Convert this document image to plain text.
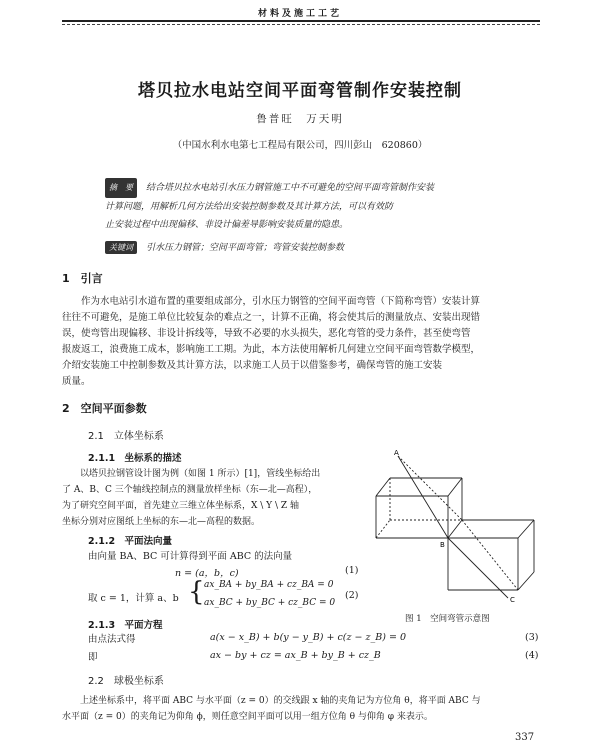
材料及施工工艺
塔贝拉水电站空间平面弯管制作安装控制
鲁普旺　万天明
（中国水利水电第七工程局有限公司，四川彭山　620860）
摘　要　 结合塔贝拉水电站引水压力钢管施工中不可避免的空间平面弯管制作安装
计算问题，用解析几何方法给出安装控制参数及其计算方法，可以有效防
止安装过程中出现偏移、非设计偏差导影响安装质量的隐患。
关键词　 引水压力钢管；空间平面弯管；弯管安装控制参数
1　引言
作为水电站引水道布置的重要组成部分，引水压力钢管的空间平面弯管（下简称弯管）安装计算
往往不可避免，是施工单位比较复杂的难点之一，计算不正确，将会使其后的测量放点、安装出现错
误，使弯管出现偏移、非设计拆线等，导致不必要的水头损失，恶化弯管的受力条件，甚至使弯管
报废返工，浪费施工成本，影响施工工期。为此，本方法使用解析几何建立空间平面弯管数学模型，
介绍安装施工中控制参数及其计算方法，以求施工人员于以借鉴参考，确保弯管的施工安装
质量。
2　空间平面参数
2.1　立体坐标系
2.1.1　坐标系的描述
以塔贝拉钢管设计图为例（如图 1 所示）[1]，管线坐标给出
了 A、B、C 三个轴线控制点的测量放样坐标（东—北—高程），
为了研究空间平面，首先建立三维立体坐标系，X \ Y \ Z 轴
坐标分别对应图纸上坐标的东—北—高程的数据。
2.1.2　平面法向量
由向量 BA、BC 可计算得到平面 ABC 的法向量
n = (a，b，c)	(1)
取 c = 1，计算 a、b { ax_BA + by_BA + cz_BA = 0
ax_BC + by_BC + cz_BC = 0
(2)
2.1.3　平面方程
由点法式得	a(x − x_B) + b(y − y_B) + c(z − z_B) = 0	(3)
即	ax − by + cz = ax_B + by_B + cz_B	(4)
A
B
C
图 1　空间弯管示意图
2.2　球极坐标系
上述坐标系中，将平面 ABC 与水平面（z = 0）的交线跟 x 轴的夹角记为方位角 θ，将平面 ABC 与
水平面（z = 0）的夹角记为仰角 ϕ，则任意空间平面可以用一组方位角 θ 与仰角 φ 来表示。
337
